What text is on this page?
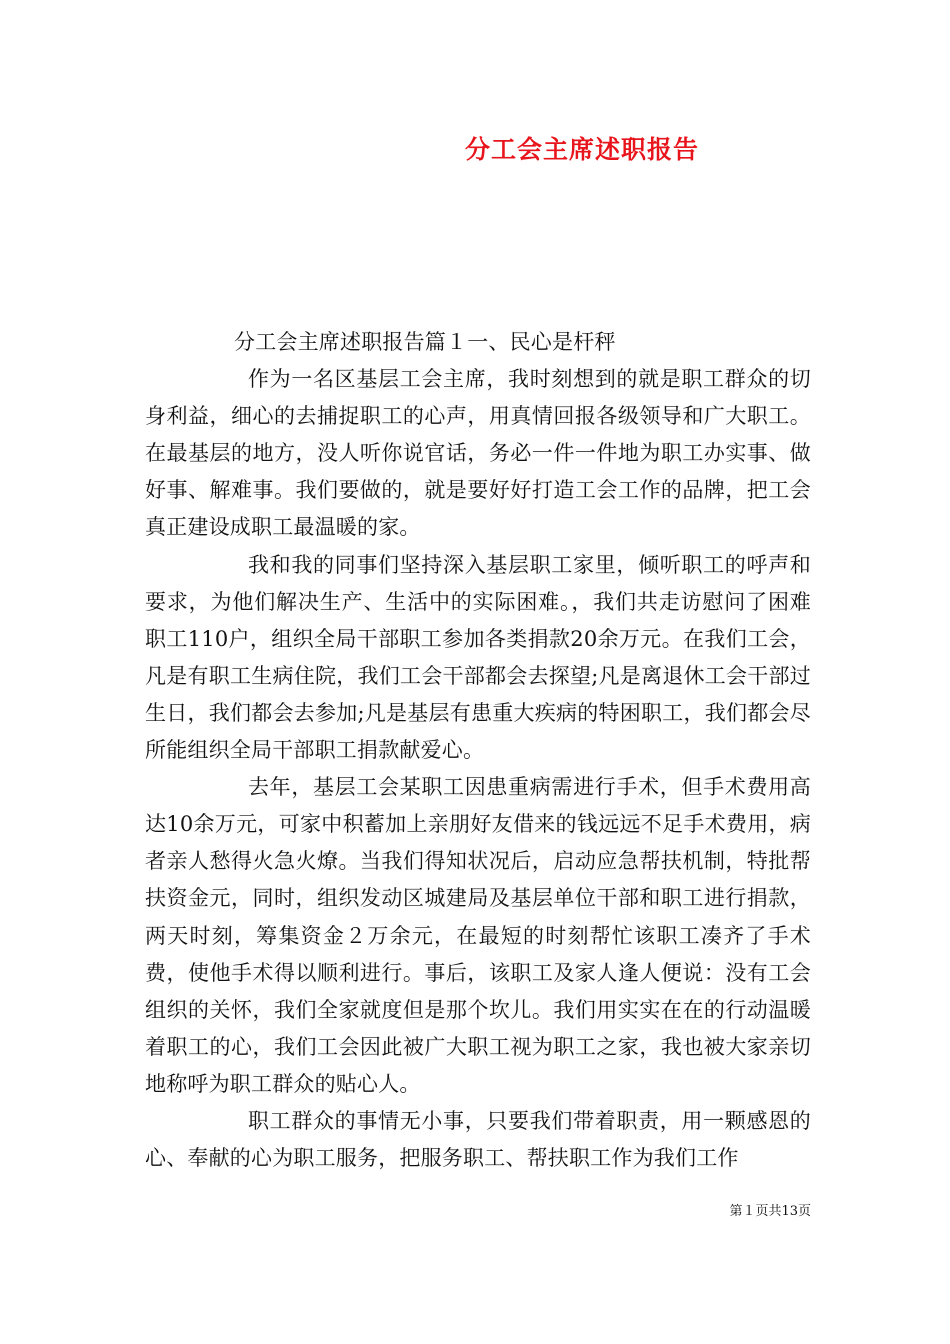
分工会主席述职报告

分工会主席述职报告篇１一、民心是杆秤

作为一名区基层工会主席，我时刻想到的就是职工群众的切身利益，细心的去捕捉职工的心声，用真情回报各级领导和广大职工。在最基层的地方，没人听你说官话，务必一件一件地为职工办实事、做好事、解难事。我们要做的，就是要好好打造工会工作的品牌，把工会真正建设成职工最温暖的家。

我和我的同事们坚持深入基层职工家里，倾听职工的呼声和要求，为他们解决生产、生活中的实际困难。，我们共走访慰问了困难职工110户，组织全局干部职工参加各类捐款20余万元。在我们工会，凡是有职工生病住院，我们工会干部都会去探望;凡是离退休工会干部过生日，我们都会去参加;凡是基层有患重大疾病的特困职工，我们都会尽所能组织全局干部职工捐款献爱心。

去年，基层工会某职工因患重病需进行手术，但手术费用高达10余万元，可家中积蓄加上亲朋好友借来的钱远远不足手术费用，病者亲人愁得火急火燎。当我们得知状况后，启动应急帮扶机制，特批帮扶资金元，同时，组织发动区城建局及基层单位干部和职工进行捐款，两天时刻，筹集资金２万余元，在最短的时刻帮忙该职工凑齐了手术费，使他手术得以顺利进行。事后，该职工及家人逢人便说：没有工会组织的关怀，我们全家就度但是那个坎儿。我们用实实在在的行动温暖着职工的心，我们工会因此被广大职工视为职工之家，我也被大家亲切地称呼为职工群众的贴心人。

职工群众的事情无小事，只要我们带着职责，用一颗感恩的心、奉献的心为职工服务，把服务职工、帮扶职工作为我们工作

第１页共13页
